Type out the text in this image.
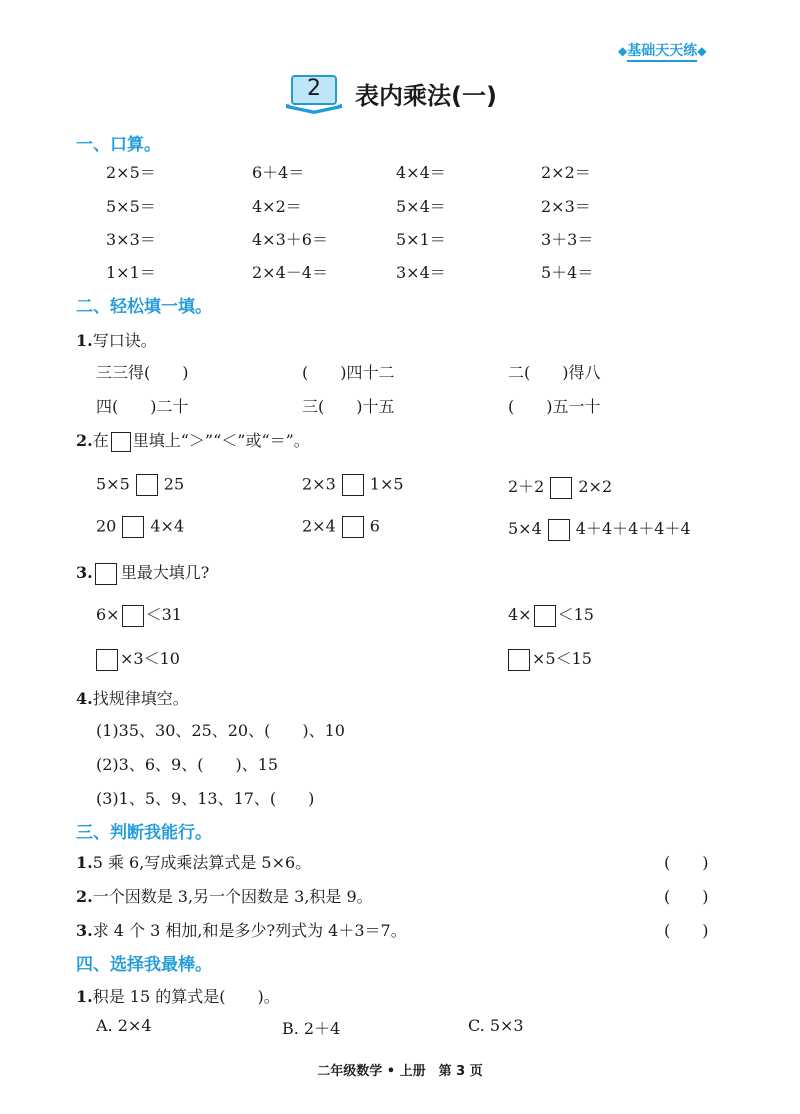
◆基础天天练◆
2 表内乘法(一)
一、口算。
2×5＝	6＋4＝	4×4＝	2×2＝
5×5＝	4×2＝	5×4＝	2×3＝
3×3＝	4×3＋6＝	5×1＝	3＋3＝
1×1＝	2×4－4＝	3×4＝	5＋4＝
二、轻松填一填。
1.写口诀。
三三得(　　)	(　　)四十二	二(　　)得八
四(　　)二十	三(　　)十五	(　　)五一十
2.在 里填上“＞”“＜”或“＝”。
5×5 25	2×3 1×5	2＋2 2×2
20 4×4	2×4 6	5×4 4＋4＋4＋4＋4
3. 里最大填几?
6× ＜31	4× ＜15
×3＜10	×5＜15
4.找规律填空。
(1)35、30、25、20、(　　)、10
(2)3、6、9、(　　)、15
(3)1、5、9、13、17、(　　)
三、判断我能行。
1.5 乘 6,写成乘法算式是 5×6。	(　　)
2.一个因数是 3,另一个因数是 3,积是 9。	(　　)
3.求 4 个 3 相加,和是多少?列式为 4＋3＝7。	(　　)
四、选择我最棒。
1.积是 15 的算式是(　　)。
A. 2×4	B. 2＋4	C. 5×3
二年级数学 • 上册　第 3 页
